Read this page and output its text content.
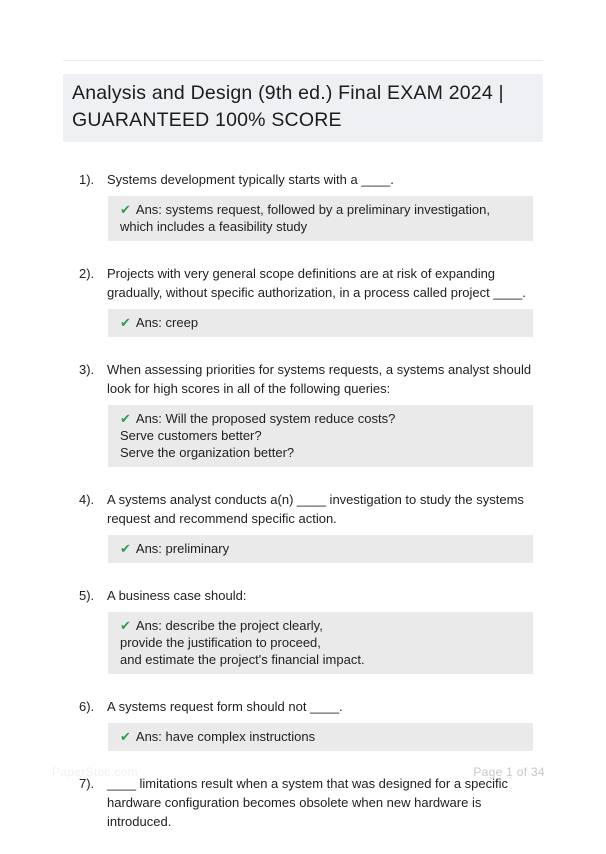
Analysis and Design (9th ed.) Final EXAM 2024 | GUARANTEED 100% SCORE
1). Systems development typically starts with a ____.

✔ Ans: systems request, followed by a preliminary investigation, which includes a feasibility study
2). Projects with very general scope definitions are at risk of expanding gradually, without specific authorization, in a process called project ____.

✔ Ans: creep
3). When assessing priorities for systems requests, a systems analyst should look for high scores in all of the following queries:

✔ Ans: Will the proposed system reduce costs?
Serve customers better?
Serve the organization better?
4). A systems analyst conducts a(n) ____ investigation to study the systems request and recommend specific action.

✔ Ans: preliminary
5). A business case should:

✔ Ans: describe the project clearly,
provide the justification to proceed,
and estimate the project's financial impact.
6). A systems request form should not ____.

✔ Ans: have complex instructions
7). ____ limitations result when a system that was designed for a specific hardware configuration becomes obsolete when new hardware is introduced.

PaperStoc.com	Page 1 of 34
